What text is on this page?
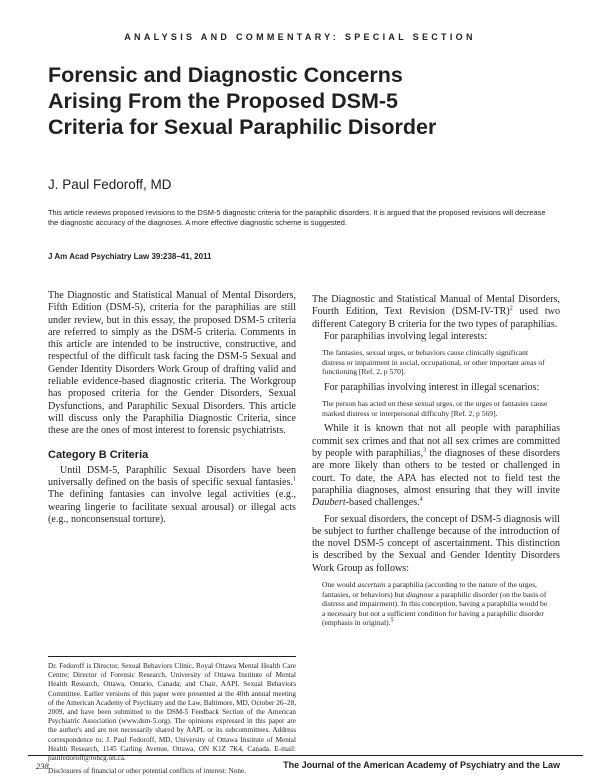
ANALYSIS AND COMMENTARY: SPECIAL SECTION
Forensic and Diagnostic Concerns
Arising From the Proposed DSM-5
Criteria for Sexual Paraphilic Disorder
J. Paul Fedoroff, MD

This article reviews proposed revisions to the DSM-5 diagnostic criteria for the paraphilic disorders. It is argued that the proposed revisions will decrease the diagnostic accuracy of the diagnoses. A more effective diagnostic scheme is suggested.

J Am Acad Psychiatry Law 39:238–41, 2011

The Diagnostic and Statistical Manual of Mental Disorders, Fifth Edition (DSM-5), criteria for the paraphilias are still under review, but in this essay, the proposed DSM-5 criteria are referred to simply as the DSM-5 criteria. Comments in this article are intended to be instructive, constructive, and respectful of the difficult task facing the DSM-5 Sexual and Gender Identity Disorders Work Group of drafting valid and reliable evidence-based diagnostic criteria. The Workgroup has proposed criteria for the Gender Disorders, Sexual Dysfunctions, and Paraphilic Sexual Disorders. This article will discuss only the Paraphilia Diagnostic Criteria, since these are the ones of most interest to forensic psychiatrists.

Category B Criteria

Until DSM-5, Paraphilic Sexual Disorders have been universally defined on the basis of specific sexual fantasies.$^1$ The defining fantasies can involve legal activities (e.g., wearing lingerie to facilitate sexual arousal) or illegal acts (e.g., nonconsensual torture).

Dr. Fedoroff is Director, Sexual Behaviors Clinic, Royal Ottawa Mental Health Care Centre; Director of Forensic Research, University of Ottawa Institute of Mental Health Research, Ottawa, Ontario, Canada; and Chair, AAPL Sexual Behaviors Committee. Earlier versions of this paper were presented at the 40th annual meeting of the American Academy of Psychiatry and the Law, Baltimore, MD, October 26–28, 2009, and have been submitted to the DSM-5 Feedback Section of the American Psychiatric Association (www.dsm-5.org). The opinions expressed in this paper are the author's and are not necessarily shared by AAPL or its subcommittees. Address correspondence to: J. Paul Fedoroff, MD, University of Ottawa Institute of Mental Health Research, 1145 Carling Avenue, Ottawa, ON K1Z 7K4, Canada. E-mail: paulfedoroff@rohcg.on.ca.

Disclosures of financial or other potential conflicts of interest: None.

The Diagnostic and Statistical Manual of Mental Disorders, Fourth Edition, Text Revision $(DSM-IV-TR)^2$ used two different Category B criteria for the two types of paraphilias.

For paraphilias involving legal interests:

The fantasies, sexual urges, or behaviors cause clinically significant distress or impairment in social, occupational, or other important areas of functioning [Ref. 2, p 570].

For paraphilias involving interest in illegal scenarios:

The person has acted on these sexual urges, or the urges or fantasies cause marked distress or interpersonal difficulty [Ref. 2, p 569].

While it is known that not all people with paraphilias commit sex crimes and that not all sex crimes are committed by people with paraphilias,$^3$ the diagnoses of these disorders are more likely than others to be tested or challenged in court. To date, the APA has elected not to field test the paraphilia diagnoses, almost ensuring that they will invite Daubert-based challenges.$^4$

For sexual disorders, the concept of DSM-5 diagnosis will be subject to further challenge because of the introduction of the novel DSM-5 concept of ascertainment. This distinction is described by the Sexual and Gender Identity Disorders Work Group as follows:

One would ascertain a paraphilia (according to the nature of the urges, fantasies, or behaviors) but diagnose a paraphilic disorder (on the basis of distress and impairment). In this conception, having a paraphilia would be a necessary but not a sufficient condition for having a paraphilic disorder (emphasis in original).$^5$

238	The Journal of the American Academy of Psychiatry and the Law
